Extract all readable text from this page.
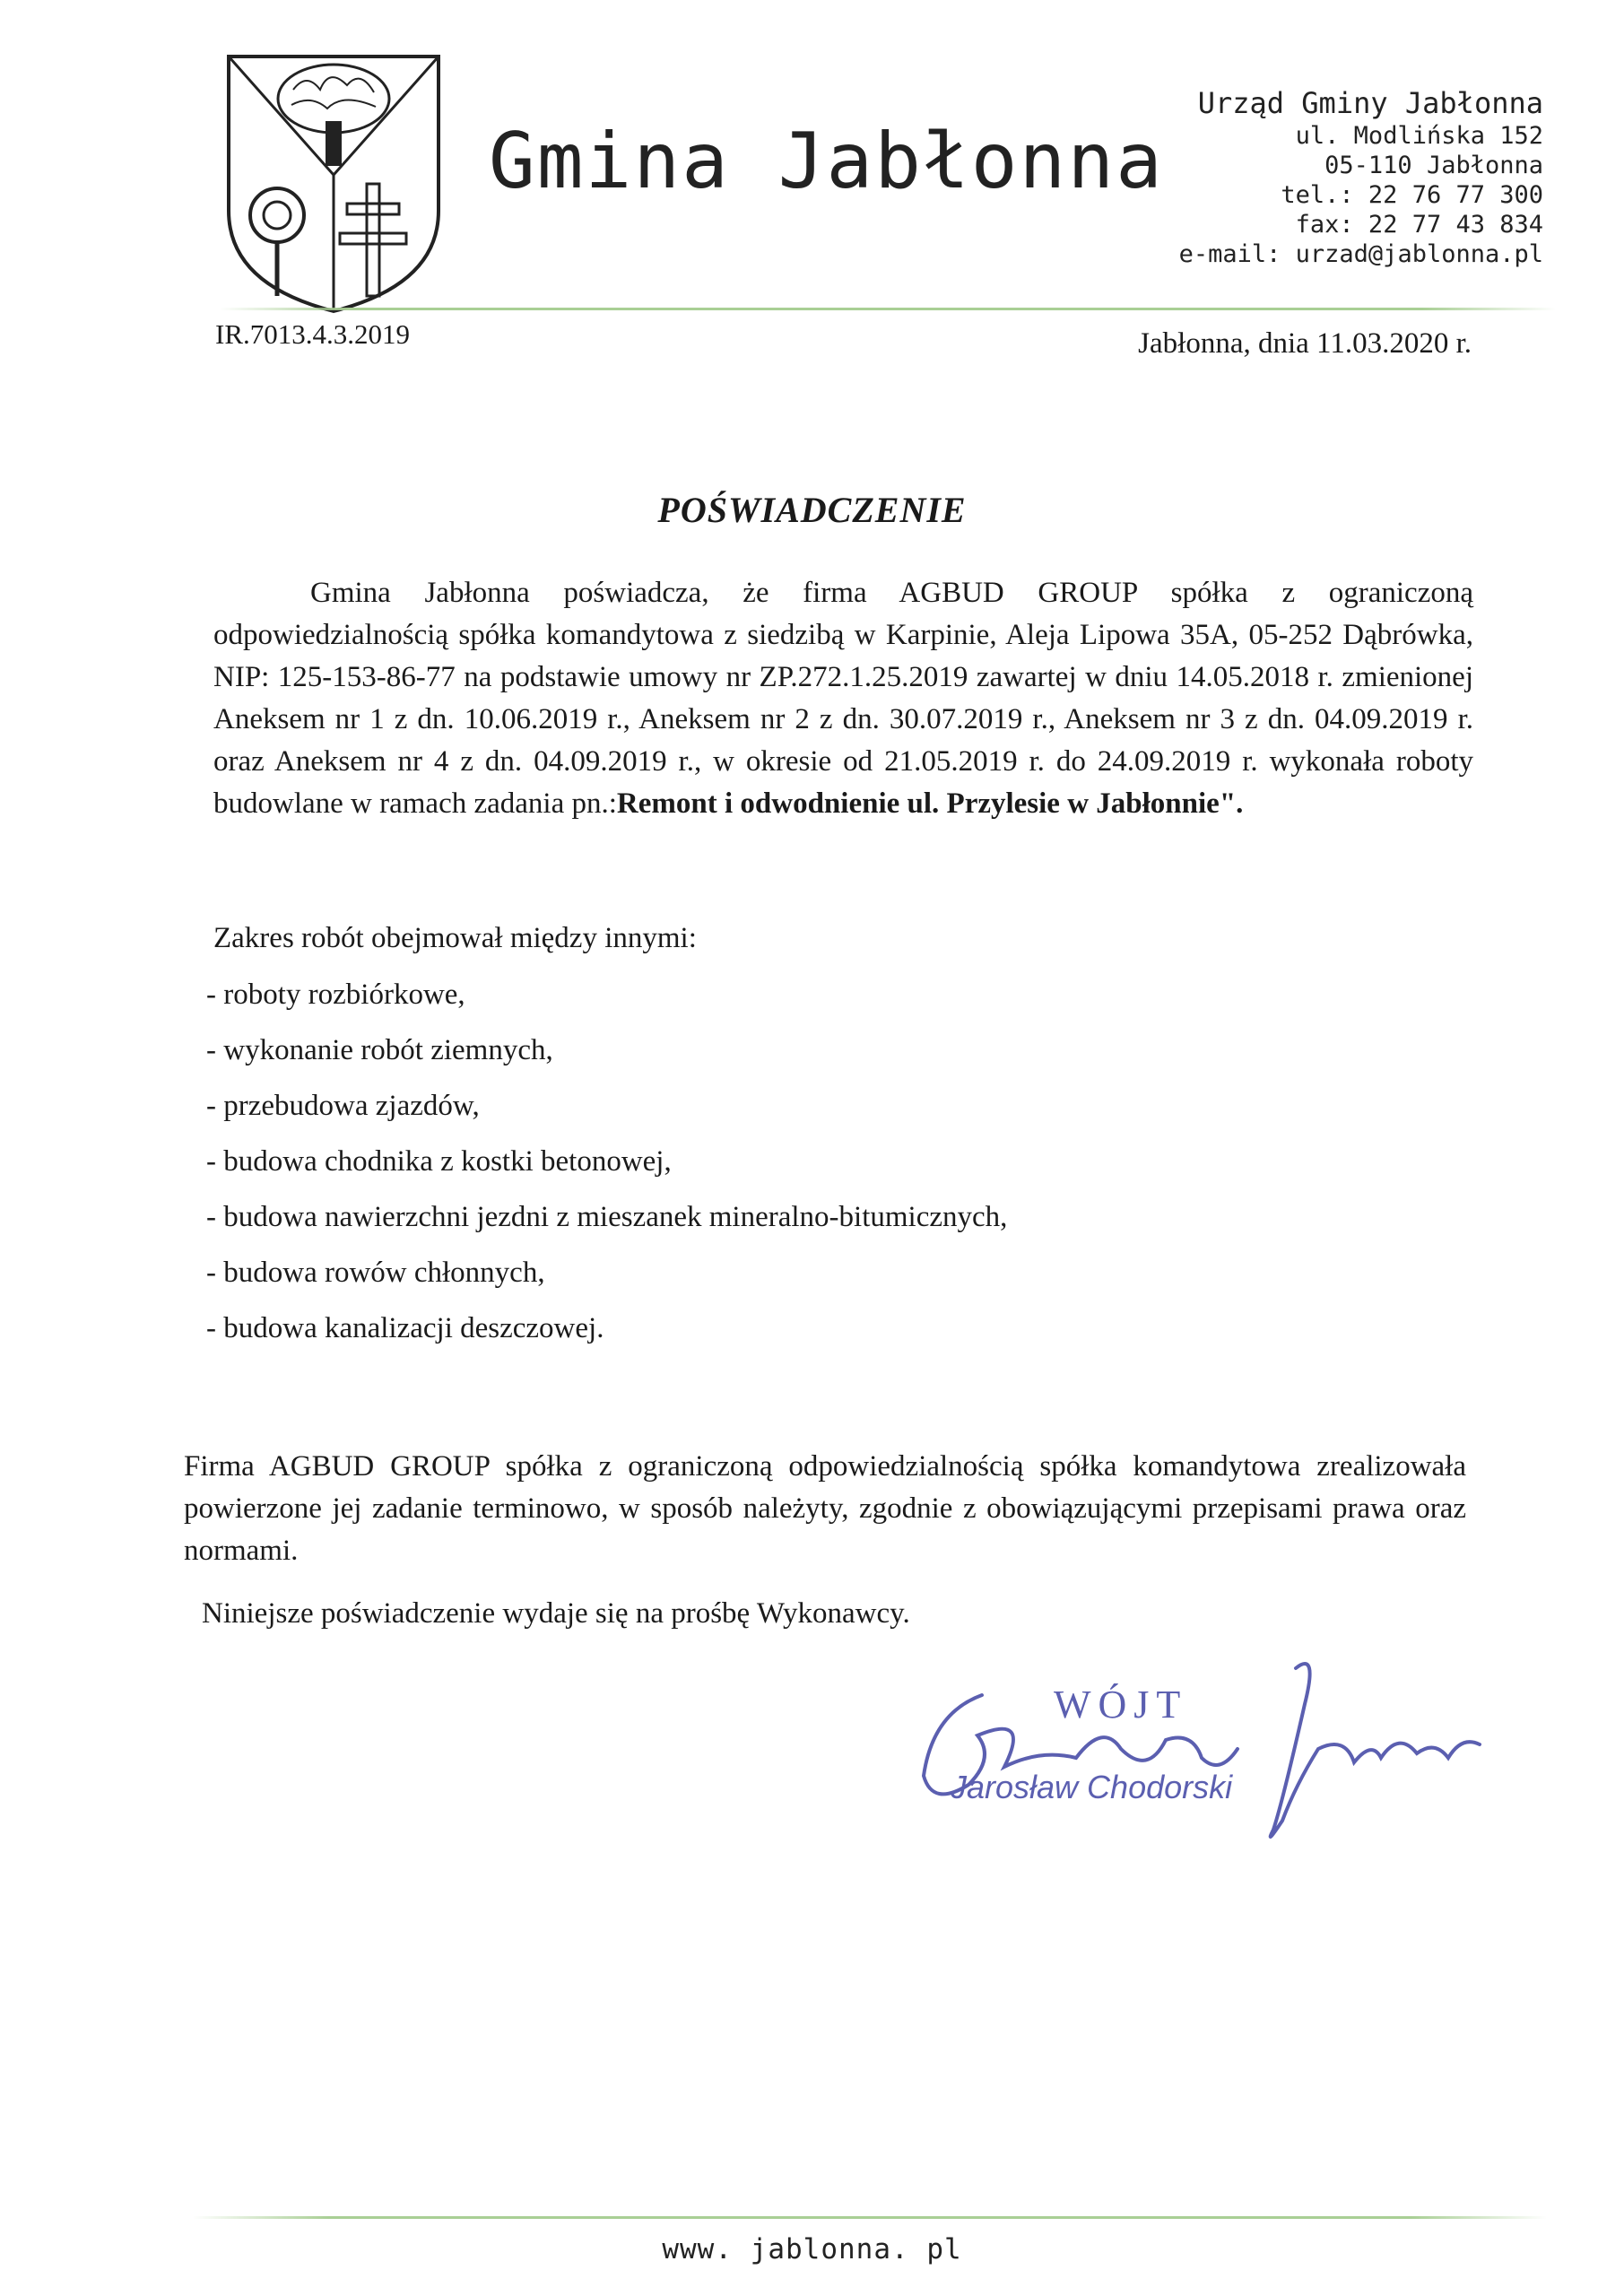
Gmina Jabłonna
Urząd Gminy Jabłonna
ul. Modlińska 152
05-110 Jabłonna
tel.: 22 76 77 300
fax: 22 77 43 834
e-mail: urzad@jablonna.pl
IR.7013.4.3.2019	Jabłonna, dnia 11.03.2020 r.
POŚWIADCZENIE
Gmina Jabłonna poświadcza, że firma AGBUD GROUP spółka z ograniczoną odpowiedzialnością spółka komandytowa z siedzibą w Karpinie, Aleja Lipowa 35A, 05-252 Dąbrówka, NIP: 125-153-86-77 na podstawie umowy nr ZP.272.1.25.2019 zawartej w dniu 14.05.2018 r. zmienionej Aneksem nr 1 z dn. 10.06.2019 r., Aneksem nr 2 z dn. 30.07.2019 r., Aneksem nr 3 z dn. 04.09.2019 r. oraz Aneksem nr 4 z dn. 04.09.2019 r., w okresie od 21.05.2019 r. do 24.09.2019 r. wykonała roboty budowlane w ramach zadania pn.:Remont i odwodnienie ul. Przylesie w Jabłonnie".
Zakres robót obejmował między innymi:
- roboty rozbiórkowe,
- wykonanie robót ziemnych,
- przebudowa zjazdów,
- budowa chodnika z kostki betonowej,
- budowa nawierzchni jezdni z mieszanek mineralno-bitumicznych,
- budowa rowów chłonnych,
- budowa kanalizacji deszczowej.
Firma AGBUD GROUP spółka z ograniczoną odpowiedzialnością spółka komandytowa zrealizowała powierzone jej zadanie terminowo, w sposób należyty, zgodnie z obowiązującymi przepisami prawa oraz normami.
Niniejsze poświadczenie wydaje się na prośbę Wykonawcy.
WÓJT
Jarosław Chodorski
www. jablonna. pl
